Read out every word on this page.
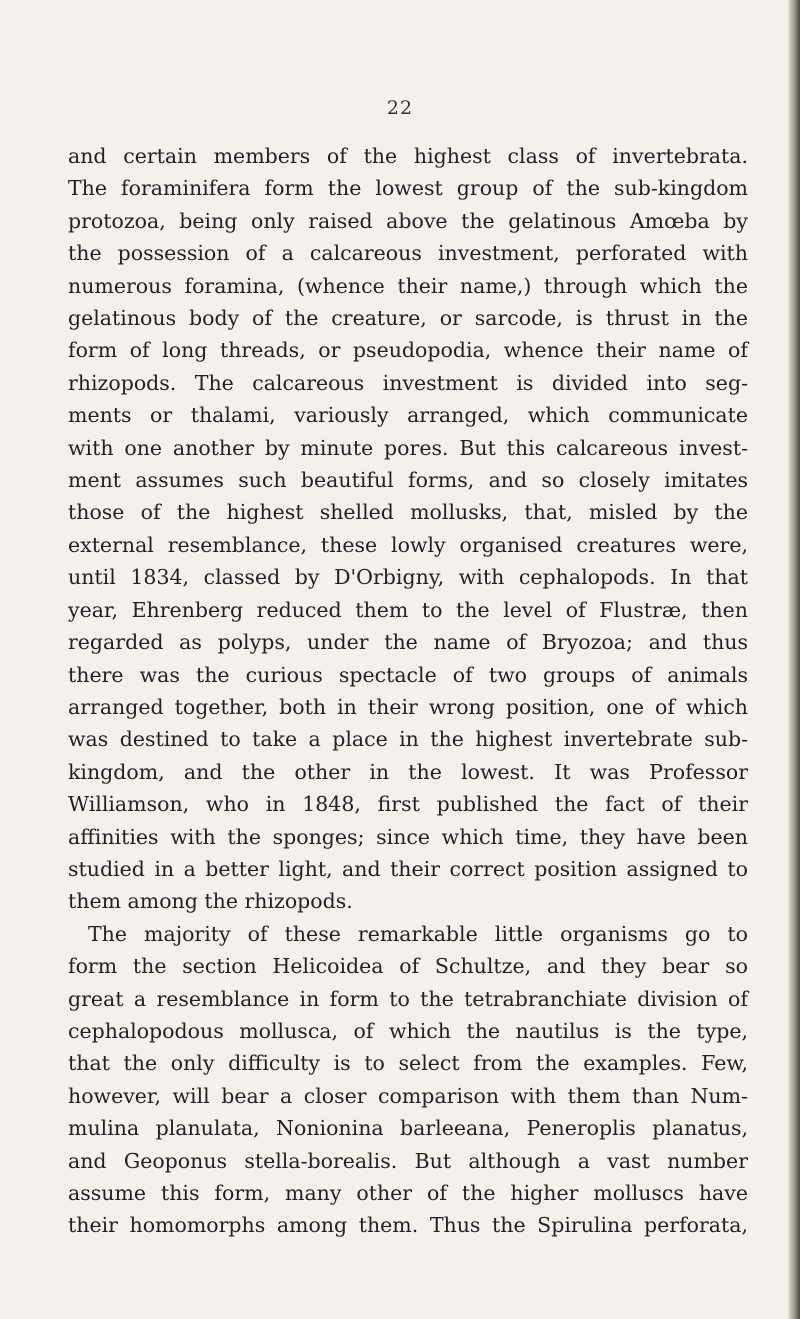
22
and certain members of the highest class of invertebrata.
The foraminifera form the lowest group of the sub-kingdom
protozoa, being only raised above the gelatinous Amœba by
the possession of a calcareous investment, perforated with
numerous foramina, (whence their name,) through which the
gelatinous body of the creature, or sarcode, is thrust in the
form of long threads, or pseudopodia, whence their name of
rhizopods. The calcareous investment is divided into seg-
ments or thalami, variously arranged, which communicate
with one another by minute pores. But this calcareous invest-
ment assumes such beautiful forms, and so closely imitates
those of the highest shelled mollusks, that, misled by the
external resemblance, these lowly organised creatures were,
until 1834, classed by D'Orbigny, with cephalopods. In that
year, Ehrenberg reduced them to the level of Flustræ, then
regarded as polyps, under the name of Bryozoa; and thus
there was the curious spectacle of two groups of animals
arranged together, both in their wrong position, one of which
was destined to take a place in the highest invertebrate sub-
kingdom, and the other in the lowest. It was Professor
Williamson, who in 1848, first published the fact of their
affinities with the sponges; since which time, they have been
studied in a better light, and their correct position assigned to
them among the rhizopods.
The majority of these remarkable little organisms go to
form the section Helicoidea of Schultze, and they bear so
great a resemblance in form to the tetrabranchiate division of
cephalopodous mollusca, of which the nautilus is the type,
that the only difficulty is to select from the examples. Few,
however, will bear a closer comparison with them than Num-
mulina planulata, Nonionina barleeana, Peneroplis planatus,
and Geoponus stella-borealis. But although a vast number
assume this form, many other of the higher molluscs have
their homomorphs among them. Thus the Spirulina perforata,
